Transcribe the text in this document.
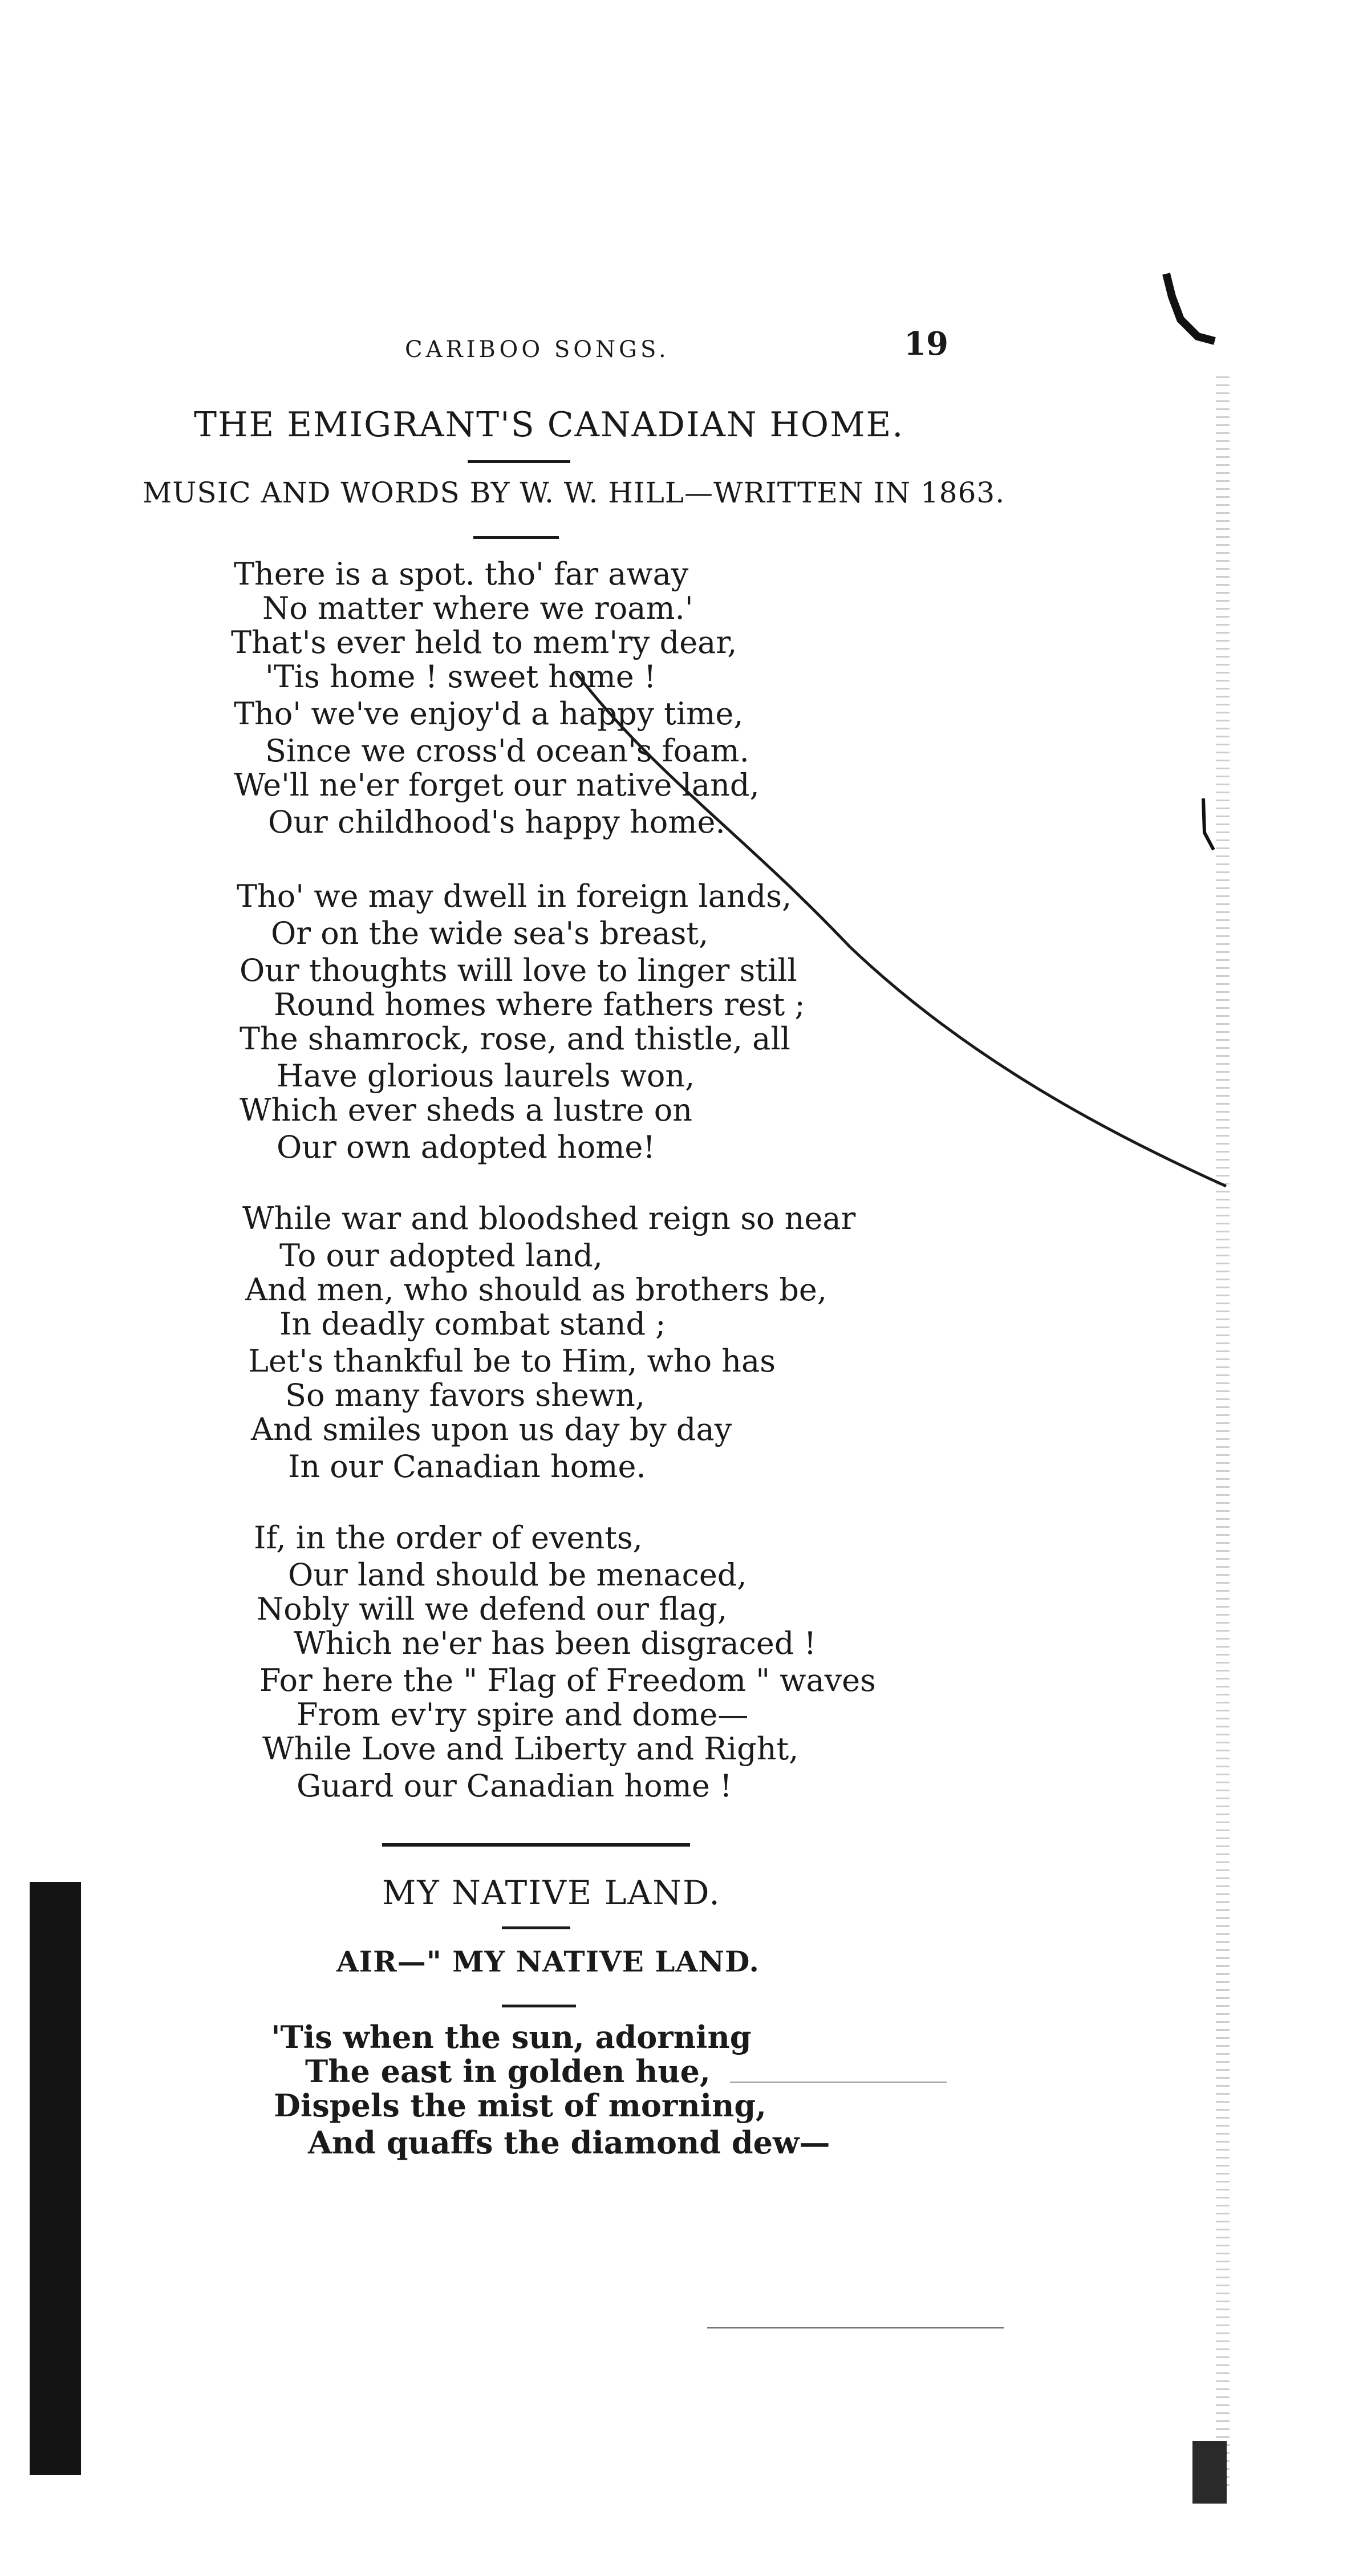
CARIBOO SONGS.	19
THE EMIGRANT'S CANADIAN HOME.
MUSIC AND WORDS BY W. W. HILL—WRITTEN IN 1863.
There is a spot. tho' far away
No matter where we roam.'
That's ever held to mem'ry dear,
'Tis home ! sweet home !
Tho' we've enjoy'd a happy time,
Since we cross'd ocean's foam.
We'll ne'er forget our native land,
Our childhood's happy home.
Tho' we may dwell in foreign lands,
Or on the wide sea's breast,
Our thoughts will love to linger still
Round homes where fathers rest ;
The shamrock, rose, and thistle, all
Have glorious laurels won,
Which ever sheds a lustre on
Our own adopted home!
While war and bloodshed reign so near
To our adopted land,
And men, who should as brothers be,
In deadly combat stand ;
Let's thankful be to Him, who has
So many favors shewn,
And smiles upon us day by day
In our Canadian home.
If, in the order of events,
Our land should be menaced,
Nobly will we defend our flag,
Which ne'er has been disgraced !
For here the " Flag of Freedom " waves
From ev'ry spire and dome—
While Love and Liberty and Right,
Guard our Canadian home !
MY NATIVE LAND.
AIR—" MY NATIVE LAND.
'Tis when the sun, adorning
The east in golden hue,
Dispels the mist of morning,
And quaffs the diamond dew—
